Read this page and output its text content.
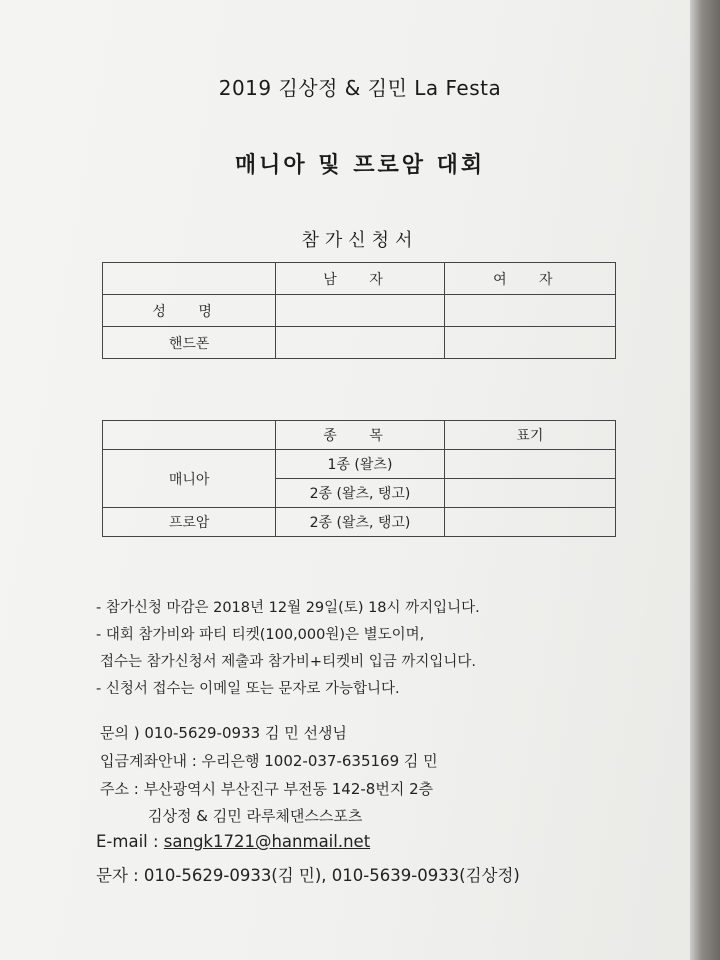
2019 김상정 & 김민 La Festa
매니아 및 프로암 대회
참가신청서
	남 자	여 자
성 명		
핸드폰		
	종 목	표기
매니아	1종 (왈츠)	
	2종 (왈츠, 탱고)	
프로암	2종 (왈츠, 탱고)	
- 참가신청 마감은 2018년 12월 29일(토) 18시 까지입니다.
- 대회 참가비와 파티 티켓(100,000원)은 별도이며,
접수는 참가신청서 제출과 참가비+티켓비 입금 까지입니다.
- 신청서 접수는 이메일 또는 문자로 가능합니다.
문의 ) 010-5629-0933 김 민 선생님
입금계좌안내 : 우리은행 1002-037-635169 김 민
주소 : 부산광역시 부산진구 부전동 142-8번지 2층
김상정 & 김민 라루체댄스스포츠
E-mail : sangk1721@hanmail.net
문자 : 010-5629-0933(김 민), 010-5639-0933(김상정)
